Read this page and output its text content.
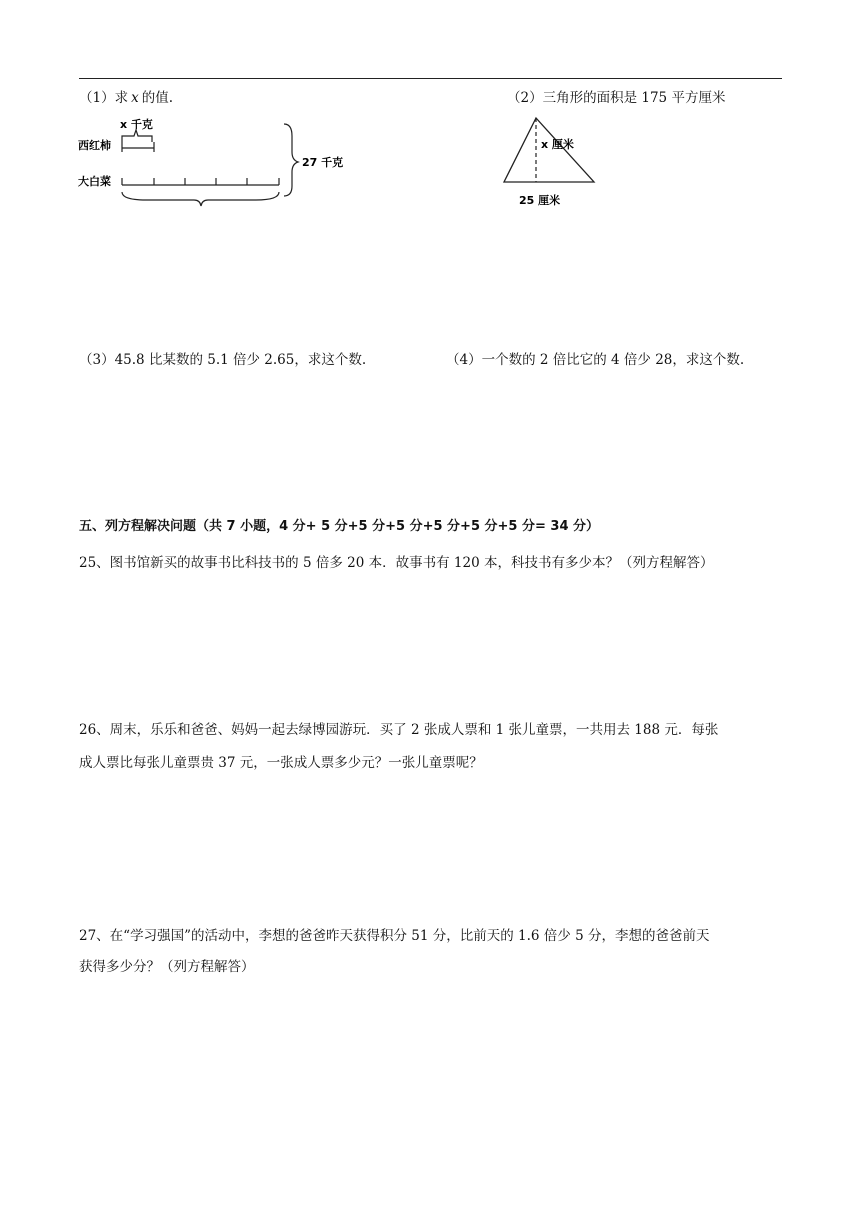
（1）求 x 的值.
x 千克
西红柿
大白菜
27 千克
（2）三角形的面积是 175 平方厘米
x 厘米
25 厘米
（3）45.8 比某数的 5.1 倍少 2.65，求这个数.	（4）一个数的 2 倍比它的 4 倍少 28，求这个数.
五、列方程解决问题（共 7 小题，4 分+ 5 分+5 分+5 分+5 分+5 分+5 分= 34 分）
25、图书馆新买的故事书比科技书的 5 倍多 20 本．故事书有 120 本，科技书有多少本？（列方程解答）
26、周末，乐乐和爸爸、妈妈一起去绿博园游玩．买了 2 张成人票和 1 张儿童票，一共用去 188 元．每张
成人票比每张儿童票贵 37 元，一张成人票多少元？一张儿童票呢？
27、在“学习强国”的活动中，李想的爸爸昨天获得积分 51 分，比前天的 1.6 倍少 5 分，李想的爸爸前天
获得多少分？（列方程解答）
